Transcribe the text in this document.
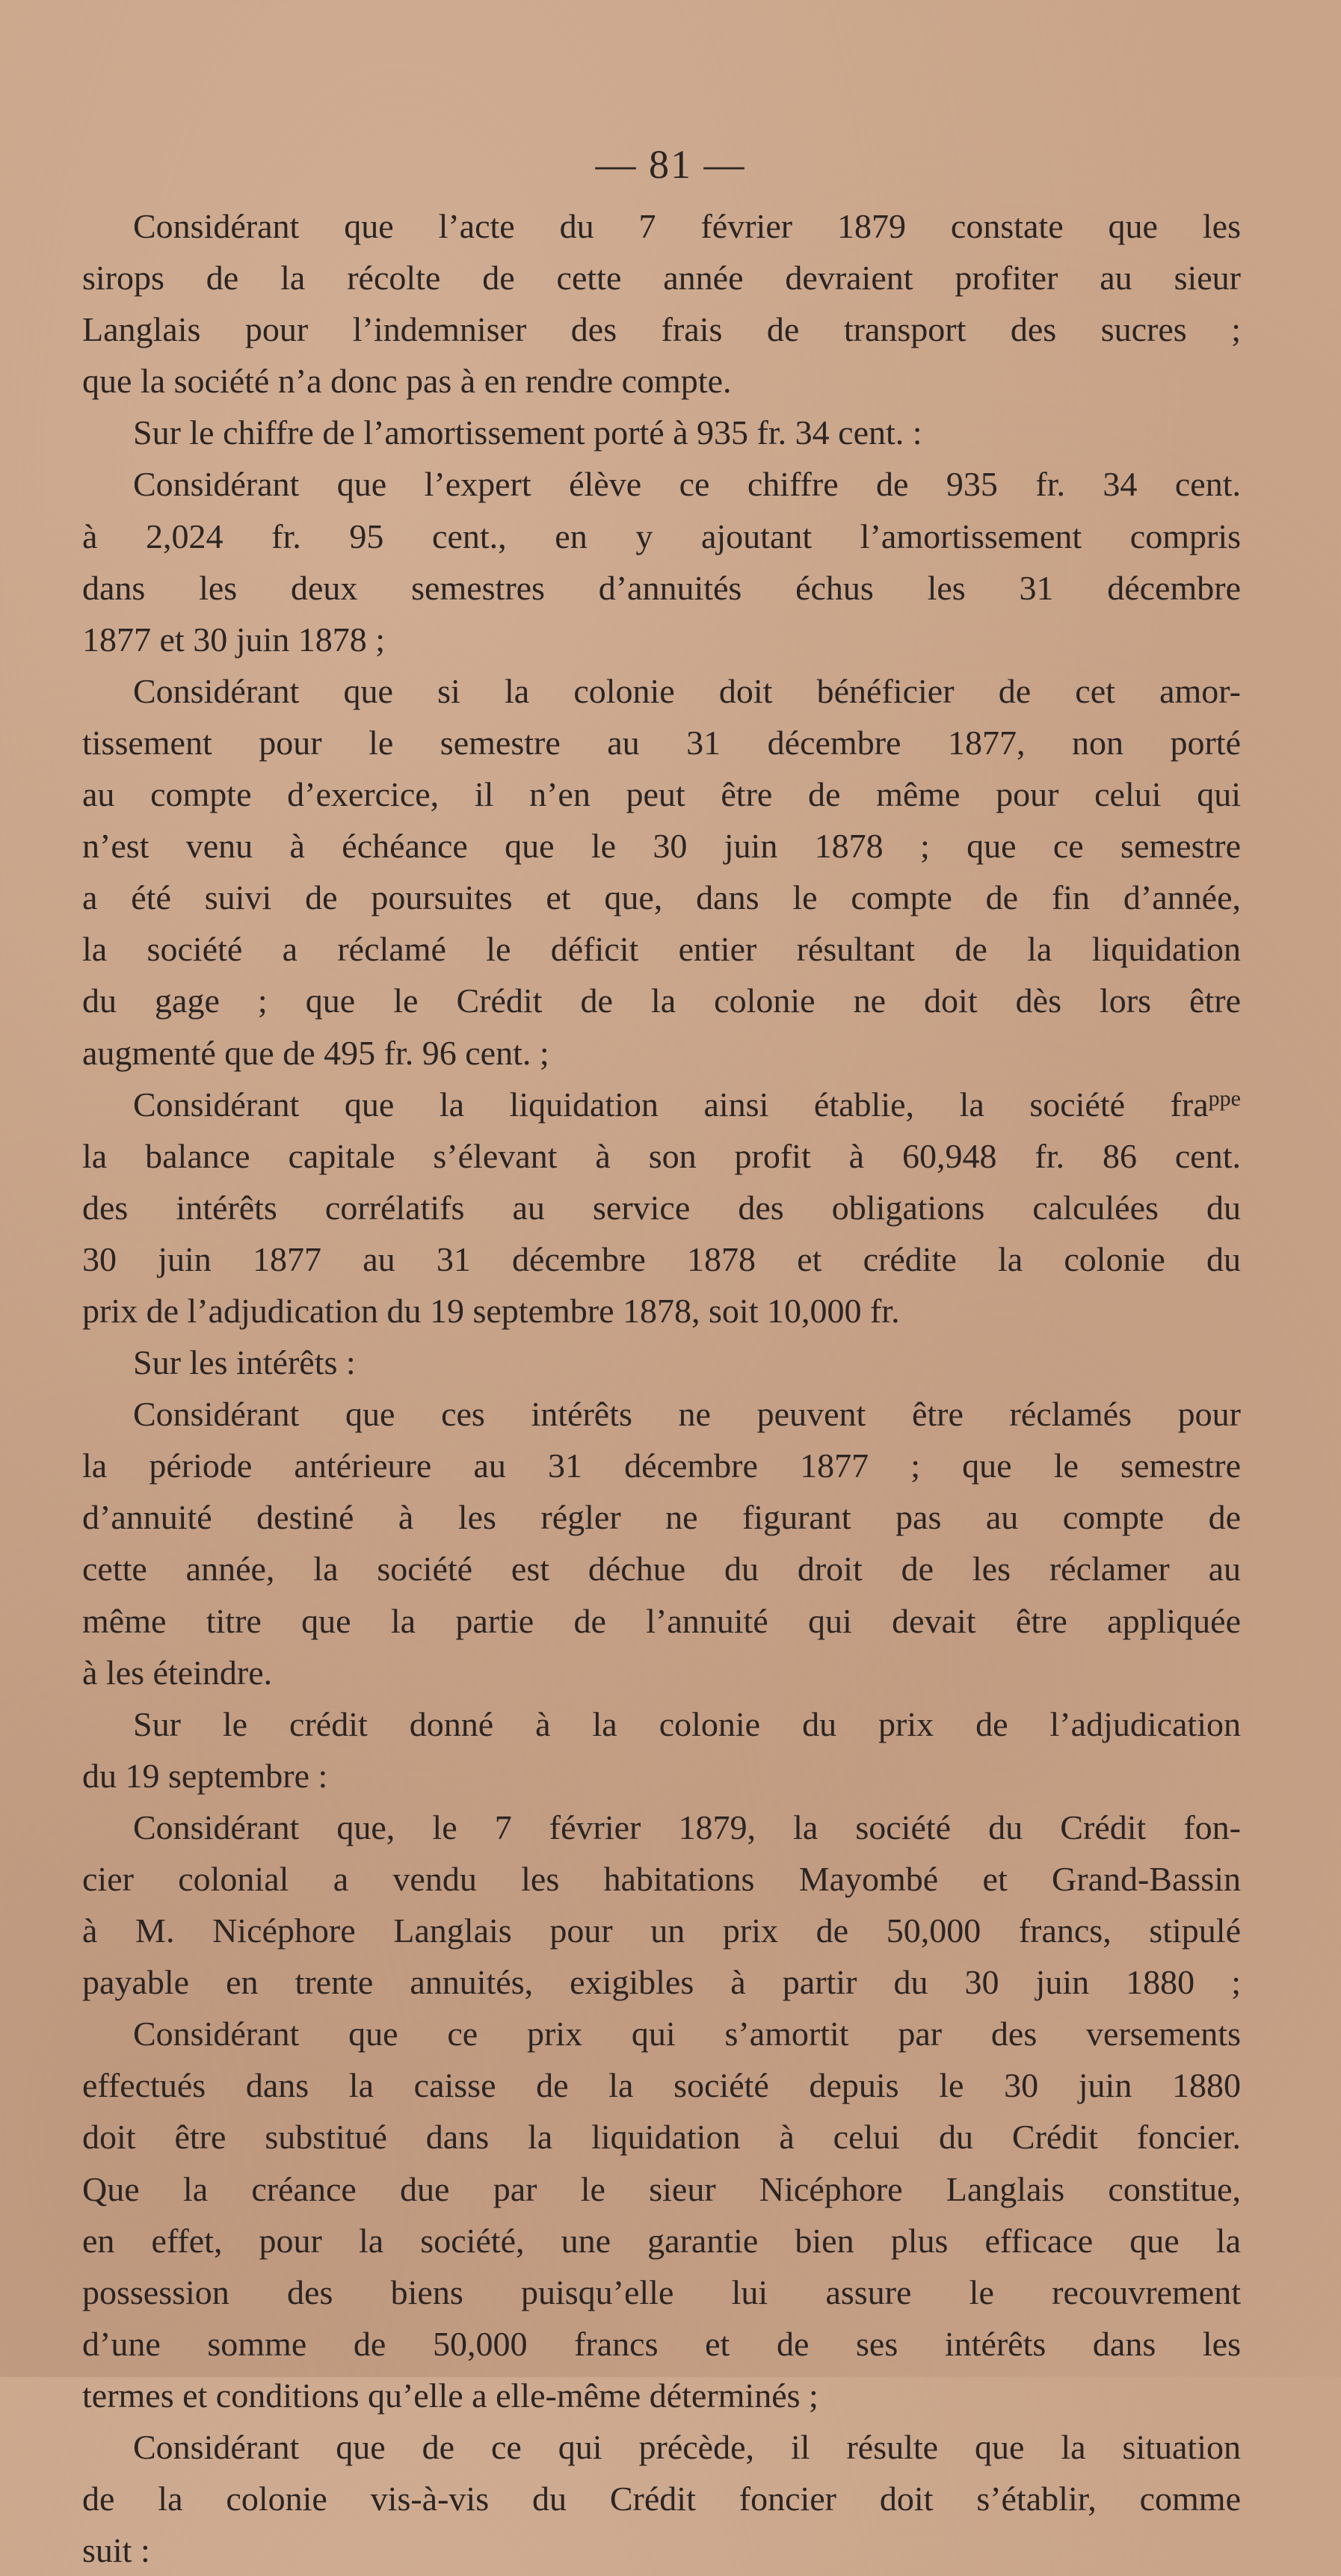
— 81 —
Considérant que l’acte du 7 février 1879 constate que les
sirops de la récolte de cette année devraient profiter au sieur
Langlais pour l’indemniser des frais de transport des sucres ;
que la société n’a donc pas à en rendre compte.
Sur le chiffre de l’amortissement porté à 935 fr. 34 cent. :
Considérant que l’expert élève ce chiffre de 935 fr. 34 cent.
à 2,024 fr. 95 cent., en y ajoutant l’amortissement compris
dans les deux semestres d’annuités échus les 31 décembre
1877 et 30 juin 1878 ;
Considérant que si la colonie doit bénéficier de cet amor-
tissement pour le semestre au 31 décembre 1877, non porté
au compte d’exercice, il n’en peut être de même pour celui qui
n’est venu à échéance que le 30 juin 1878 ; que ce semestre
a été suivi de poursuites et que, dans le compte de fin d’année,
la société a réclamé le déficit entier résultant de la liquidation
du gage ; que le Crédit de la colonie ne doit dès lors être
augmenté que de 495 fr. 96 cent. ;
Considérant que la liquidation ainsi établie, la société fra$^{ppe}$
la balance capitale s’élevant à son profit à 60,948 fr. 86 cent.
des intérêts corrélatifs au service des obligations calculées du
30 juin 1877 au 31 décembre 1878 et crédite la colonie du
prix de l’adjudication du 19 septembre 1878, soit 10,000 fr.
Sur les intérêts :
Considérant que ces intérêts ne peuvent être réclamés pour
la période antérieure au 31 décembre 1877 ; que le semestre
d’annuité destiné à les régler ne figurant pas au compte de
cette année, la société est déchue du droit de les réclamer au
même titre que la partie de l’annuité qui devait être appliquée
à les éteindre.
Sur le crédit donné à la colonie du prix de l’adjudication
du 19 septembre :
Considérant que, le 7 février 1879, la société du Crédit fon-
cier colonial a vendu les habitations Mayombé et Grand-Bassin
à M. Nicéphore Langlais pour un prix de 50,000 francs, stipulé
payable en trente annuités, exigibles à partir du 30 juin 1880 ;
Considérant que ce prix qui s’amortit par des versements
effectués dans la caisse de la société depuis le 30 juin 1880
doit être substitué dans la liquidation à celui du Crédit foncier.
Que la créance due par le sieur Nicéphore Langlais constitue,
en effet, pour la société, une garantie bien plus efficace que la
possession des biens puisqu’elle lui assure le recouvrement
d’une somme de 50,000 francs et de ses intérêts dans les
termes et conditions qu’elle a elle-même déterminés ;
Considérant que de ce qui précède, il résulte que la situation
de la colonie vis-à-vis du Crédit foncier doit s’établir, comme
suit :
